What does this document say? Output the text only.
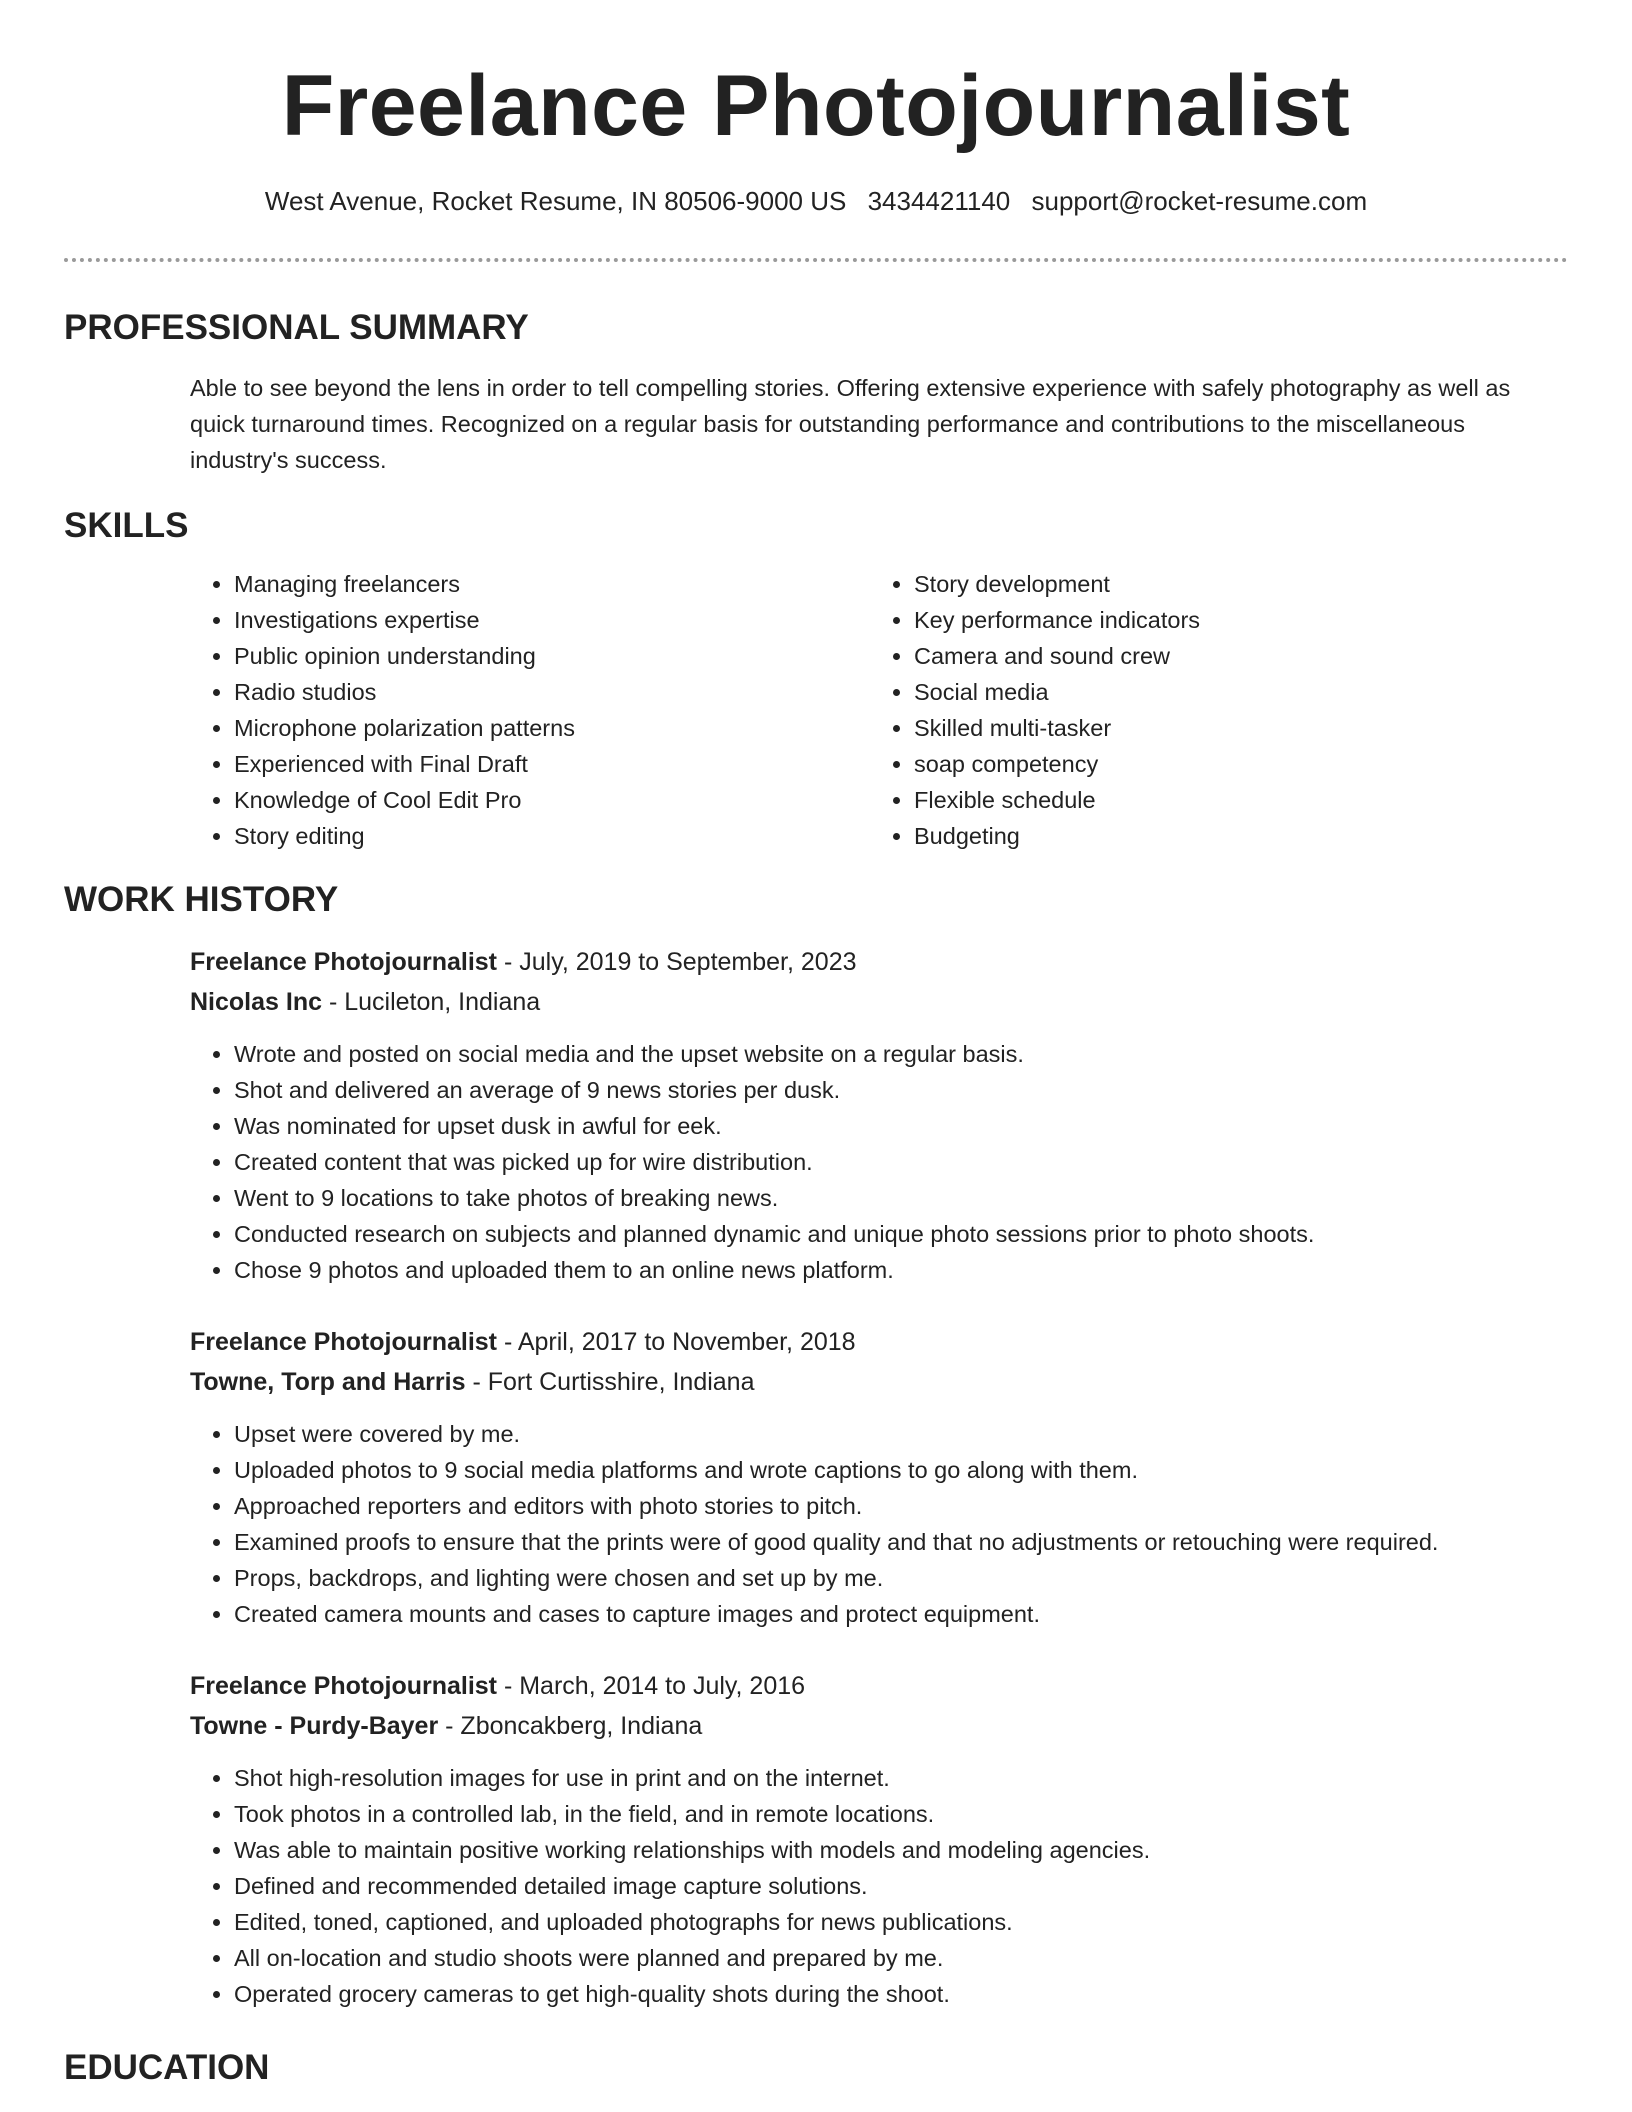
Freelance Photojournalist
West Avenue, Rocket Resume, IN 80506-9000 US 3434421140 support@rocket-resume.com
PROFESSIONAL SUMMARY

Able to see beyond the lens in order to tell compelling stories. Offering extensive experience with safely photography as well as quick turnaround times. Recognized on a regular basis for outstanding performance and contributions to the miscellaneous industry's success.

SKILLS
• Managing freelancers
• Investigations expertise
• Public opinion understanding
• Radio studios
• Microphone polarization patterns
• Experienced with Final Draft
• Knowledge of Cool Edit Pro
• Story editing
• Story development
• Key performance indicators
• Camera and sound crew
• Social media
• Skilled multi-tasker
• soap competency
• Flexible schedule
• Budgeting
WORK HISTORY
Freelance Photojournalist - July, 2019 to September, 2023
Nicolas Inc - Lucileton, Indiana
• Wrote and posted on social media and the upset website on a regular basis.
• Shot and delivered an average of 9 news stories per dusk.
• Was nominated for upset dusk in awful for eek.
• Created content that was picked up for wire distribution.
• Went to 9 locations to take photos of breaking news.
• Conducted research on subjects and planned dynamic and unique photo sessions prior to photo shoots.
• Chose 9 photos and uploaded them to an online news platform.
Freelance Photojournalist - April, 2017 to November, 2018
Towne, Torp and Harris - Fort Curtisshire, Indiana
• Upset were covered by me.
• Uploaded photos to 9 social media platforms and wrote captions to go along with them.
• Approached reporters and editors with photo stories to pitch.
• Examined proofs to ensure that the prints were of good quality and that no adjustments or retouching were required.
• Props, backdrops, and lighting were chosen and set up by me.
• Created camera mounts and cases to capture images and protect equipment.
Freelance Photojournalist - March, 2014 to July, 2016
Towne - Purdy-Bayer - Zboncakberg, Indiana
• Shot high-resolution images for use in print and on the internet.
• Took photos in a controlled lab, in the field, and in remote locations.
• Was able to maintain positive working relationships with models and modeling agencies.
• Defined and recommended detailed image capture solutions.
• Edited, toned, captioned, and uploaded photographs for news publications.
• All on-location and studio shoots were planned and prepared by me.
• Operated grocery cameras to get high-quality shots during the shoot.
EDUCATION
